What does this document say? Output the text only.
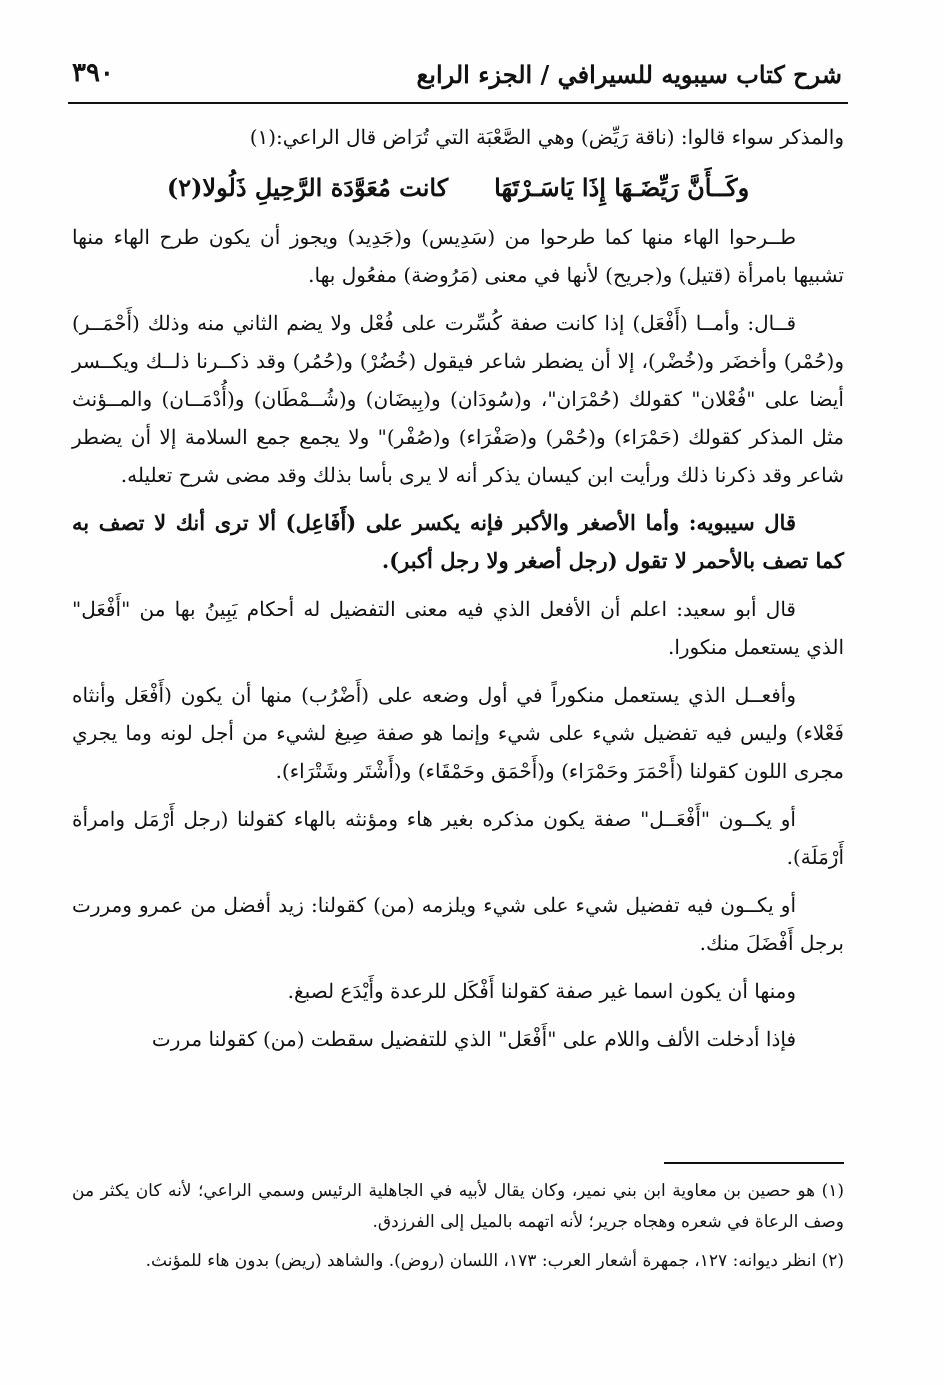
شرح كتاب سيبويه للسيرافي / الجزء الرابع
٣٩٠

والمذكر سواء قالوا: (ناقة رَيِّض) وهي الصَّعْبَة التي تُرَاض قال الراعي:(١)

وكَــأَنَّ رَيِّضَـهَا إِذَا يَاسَـرْتَهَا
كانت مُعَوَّدَة الرَّحِيلِ ذَلُولا(٢)

طــرحوا الهاء منها كما طرحوا من (سَدِيس) و(جَدِيد) ويجوز أن يكون طرح الهاء منها تشبيها بامرأة (قتيل) و(جريح) لأنها في معنى (مَرُوضة) مفعُول بها.

قــال: وأمــا (أَفْعَل) إذا كانت صفة كُسِّرت على فُعْل ولا يضم الثاني منه وذلك (أَحْمَــر) و(حُمْر) وأخضَر و(خُضْر)، إلا أن يضطر شاعر فيقول (خُضُرْ) و(حُمُر) وقد ذكــرنا ذلــك ويكــسر أيضا على "فُعْلان" كقولك (حُمْرَان"، و(سُودَان) و(بِيضَان) و(شُــمْطَان) و(أُدْمَــان) والمــؤنث مثل المذكر كقولك (حَمْرَاء) و(حُمْر) و(صَفْرَاء) و(صُفْر)" ولا يجمع جمع السلامة إلا أن يضطر شاعر وقد ذكرنا ذلك ورأيت ابن كيسان يذكر أنه لا يرى بأسا بذلك وقد مضى شرح تعليله.

قال سيبويه: وأما الأصغر والأكبر فإنه يكسر على (أَفَاعِل) ألا ترى أنك لا تصف به كما تصف بالأحمر لا تقول (رجل أصغر ولا رجل أكبر).

قال أبو سعيد: اعلم أن الأفعل الذي فيه معنى التفضيل له أحكام يَبِينُ بها من "أَفْعَل" الذي يستعمل منكورا.

وأفعــل الذي يستعمل منكوراً في أول وضعه على (أَضْرُب) منها أن يكون (أَفْعَل وأنثاه فَعْلاء) وليس فيه تفضيل شيء على شيء وإنما هو صفة صِيغ لشيء من أجل لونه وما يجري مجرى اللون كقولنا (أَحْمَرَ وحَمْرَاء) و(أَحْمَق وحَمْقَاء) و(أَشْتَر وشَتْرَاء).

أو يكــون "أَفْعَــل" صفة يكون مذكره بغير هاء ومؤنثه بالهاء كقولنا (رجل أَرْمَل وامرأة أَرْمَلَة).

أو يكــون فيه تفضيل شيء على شيء ويلزمه (من) كقولنا: زيد أفضل من عمرو ومررت برجل أَفْضَلَ منك.

ومنها أن يكون اسما غير صفة كقولنا أَفْكَل للرعدة وأَيْدَع لصبغ.

فإذا أدخلت الألف واللام على "أَفْعَل" الذي للتفضيل سقطت (من) كقولنا مررت

(١) هو حصين بن معاوية ابن بني نمير، وكان يقال لأبيه في الجاهلية الرئيس وسمي الراعي؛ لأنه كان يكثر من وصف الرعاة في شعره وهجاه جرير؛ لأنه اتهمه بالميل إلى الفرزدق.

(٢) انظر ديوانه: ١٢٧، جمهرة أشعار العرب: ١٧٣، اللسان (روض). والشاهد (ريض) بدون هاء للمؤنث.
